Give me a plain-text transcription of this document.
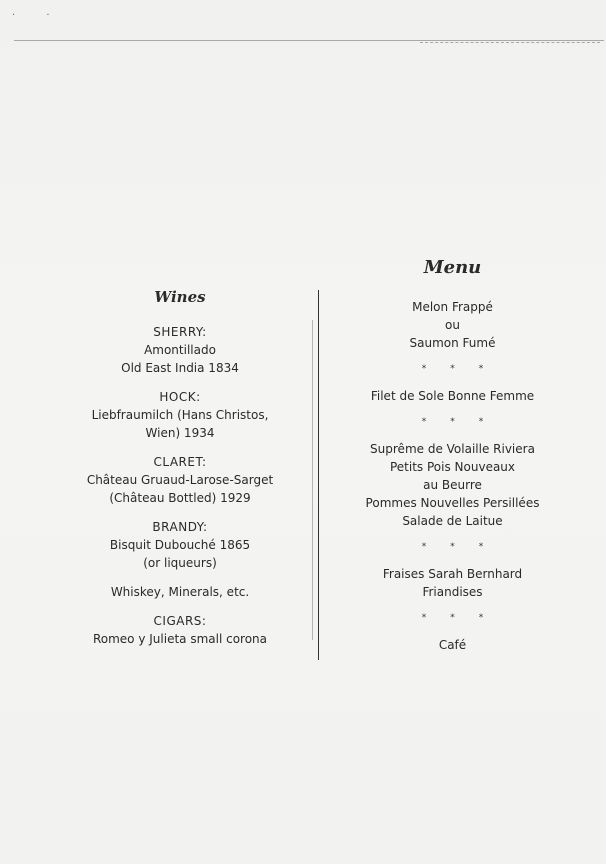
· ·
Wines
SHERRY:
Amontillado
Old East India 1834
HOCK:
Liebfraumilch (Hans Christos,
Wien) 1934
CLARET:
Château Gruaud-Larose-Sarget
(Château Bottled) 1929
BRANDY:
Bisquit Dubouché 1865
(or liqueurs)
Whiskey, Minerals, etc.
CIGARS:
Romeo y Julieta small corona
Menu
Melon Frappé
ou
Saumon Fumé
*	*	*
Filet de Sole Bonne Femme
*	*	*
Suprême de Volaille Riviera
Petits Pois Nouveaux
au Beurre
Pommes Nouvelles Persillées
Salade de Laitue
*	*	*
Fraises Sarah Bernhard
Friandises
*	*	*
Café
